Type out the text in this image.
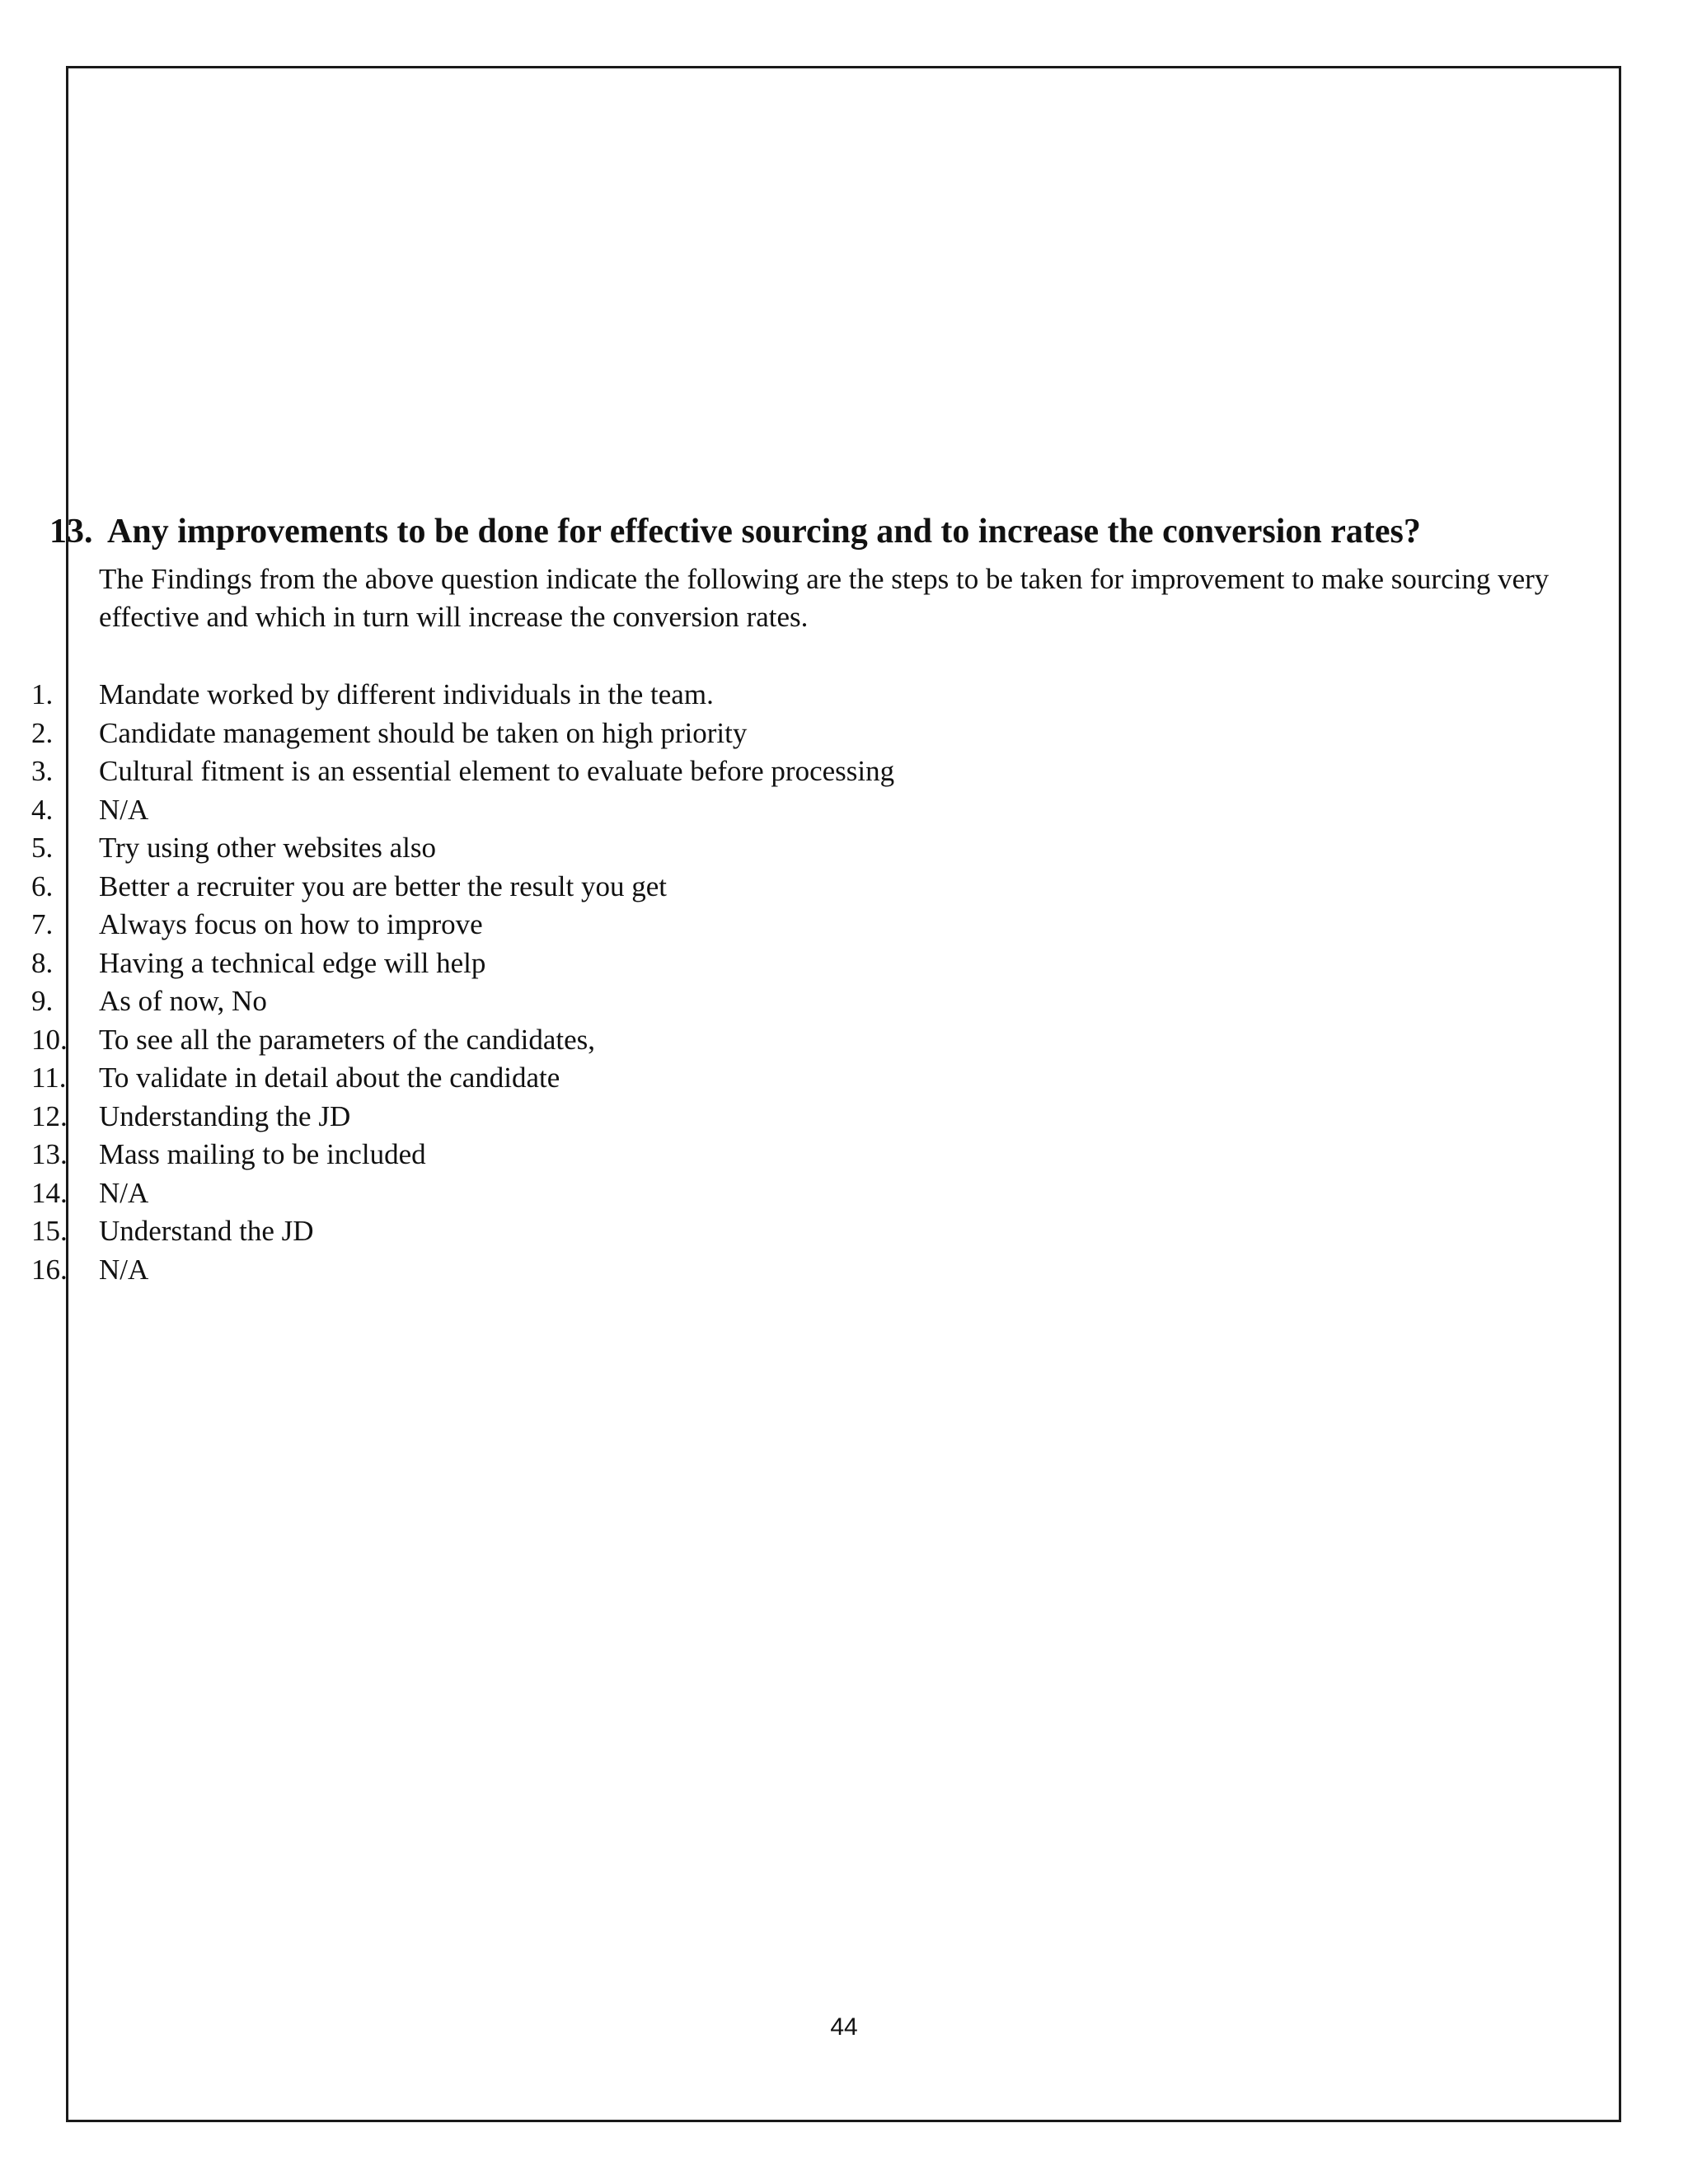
13. Any improvements to be done for effective sourcing and to increase the conversion rates?
The Findings from the above question indicate the following are the steps to be taken for improvement to make sourcing very effective and which in turn will increase the conversion rates.
1. Mandate worked by different individuals in the team.
2. Candidate management should be taken on high priority
3. Cultural fitment is an essential element to evaluate before processing
4. N/A
5. Try using other websites also
6. Better a recruiter you are better the result you get
7. Always focus on how to improve
8. Having a technical edge will help
9. As of now, No
10. To see all the parameters of the candidates,
11. To validate in detail about the candidate
12. Understanding the JD
13. Mass mailing to be included
14. N/A
15. Understand the JD
16. N/A
44
